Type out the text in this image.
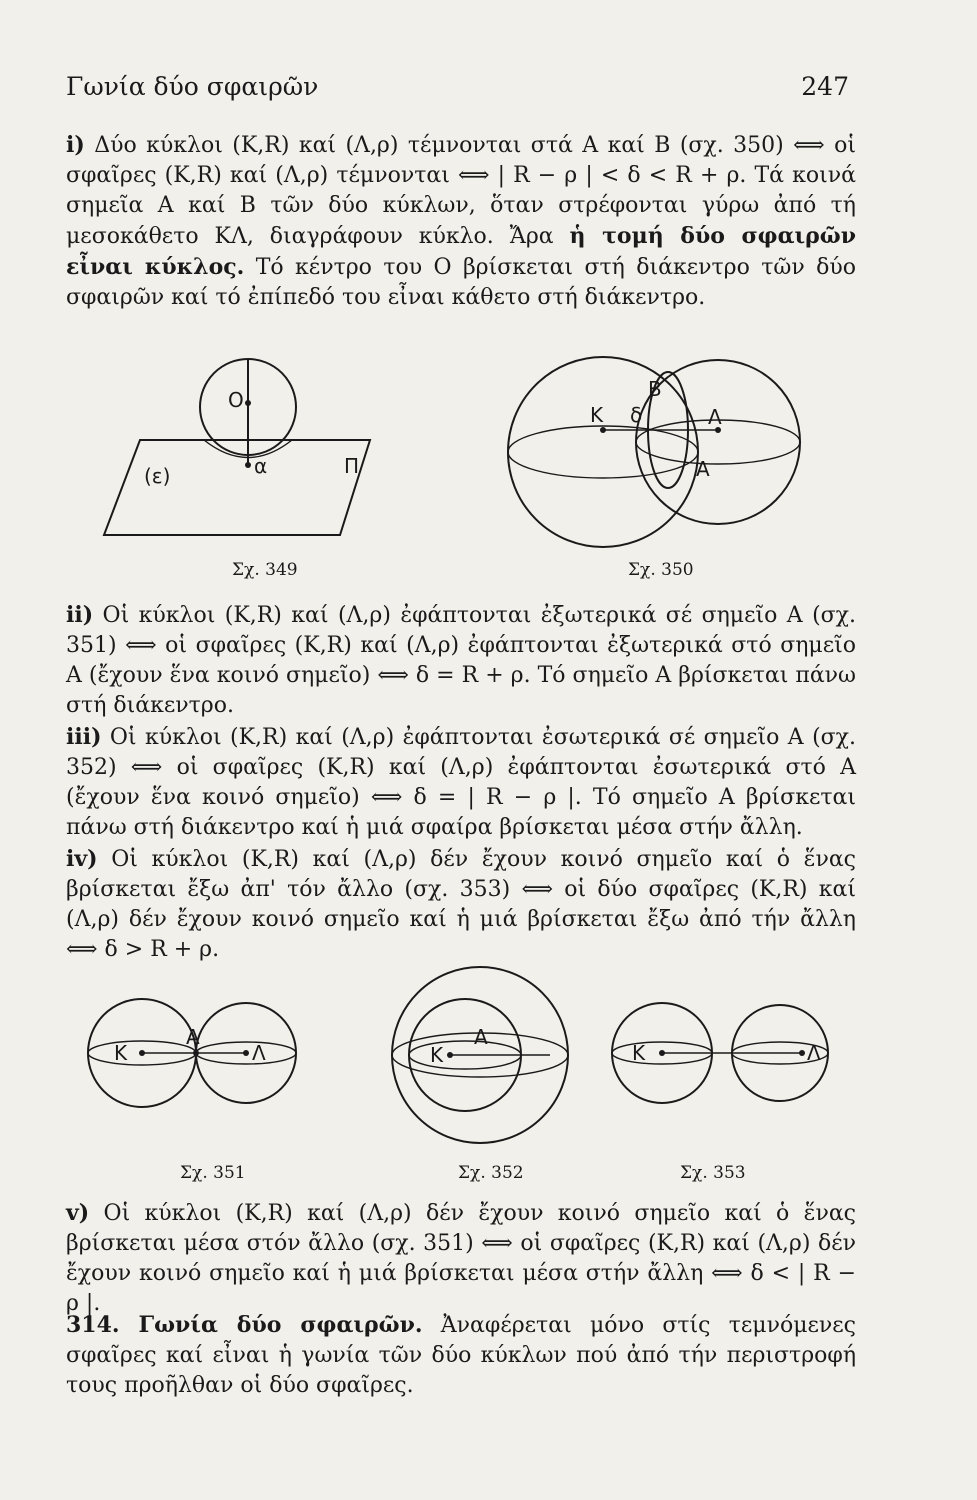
Γωνία δύο σφαιρῶν	247
i) Δύο κύκλοι (K,R) καί (Λ,ρ) τέμνονται στά A καί B (σχ. 350) ⟺ οἱ σφαῖρες (K,R) καί (Λ,ρ) τέμνονται ⟺ | R − ρ | < δ < R + ρ. Τά κοινά σημεῖα A καί B τῶν δύο κύκλων, ὅταν στρέφονται γύρω ἀπό τή μεσοκάθετο ΚΛ, διαγράφουν κύκλο. Ἄρα ἡ τομή δύο σφαιρῶν εἶναι κύκλος. Τό κέντρο του O βρίσκεται στή διάκεντρο τῶν δύο σφαιρῶν καί τό ἐπίπεδό του εἶναι κάθετο στή διάκεντρο.
O
α
(ε)	Π
Σχ. 349
K δ
B
Λ
A
Σχ. 350
ii) Οἱ κύκλοι (K,R) καί (Λ,ρ) ἐφάπτονται ἐξωτερικά σέ σημεῖο A (σχ. 351) ⟺ οἱ σφαῖρες (K,R) καί (Λ,ρ) ἐφάπτονται ἐξωτερικά στό σημεῖο A (ἔχουν ἕνα κοινό σημεῖο) ⟺ δ = R + ρ. Τό σημεῖο A βρίσκεται πάνω στή διάκεντρο.
iii) Οἱ κύκλοι (K,R) καί (Λ,ρ) ἐφάπτονται ἐσωτερικά σέ σημεῖο A (σχ. 352) ⟺ οἱ σφαῖρες (K,R) καί (Λ,ρ) ἐφάπτονται ἐσωτερικά στό A (ἔχουν ἕνα κοινό σημεῖο) ⟺ δ = | R − ρ |. Τό σημεῖο A βρίσκεται πάνω στή διάκεντρο καί ἡ μιά σφαίρα βρίσκεται μέσα στήν ἄλλη.
iv) Οἱ κύκλοι (K,R) καί (Λ,ρ) δέν ἔχουν κοινό σημεῖο καί ὁ ἕνας βρίσκεται ἔξω ἀπ' τόν ἄλλο (σχ. 353) ⟺ οἱ δύο σφαῖρες (K,R) καί (Λ,ρ) δέν ἔχουν κοινό σημεῖο καί ἡ μιά βρίσκεται ἔξω ἀπό τήν ἄλλη ⟺ δ > R + ρ.
K
A
Λ
Σχ. 351
K
A
Σχ. 352
K	Λ
Σχ. 353
v) Οἱ κύκλοι (K,R) καί (Λ,ρ) δέν ἔχουν κοινό σημεῖο καί ὁ ἕνας βρίσκεται μέσα στόν ἄλλο (σχ. 351) ⟺ οἱ σφαῖρες (K,R) καί (Λ,ρ) δέν ἔχουν κοινό σημεῖο καί ἡ μιά βρίσκεται μέσα στήν ἄλλη ⟺ δ < | R − ρ |.
314. Γωνία δύο σφαιρῶν. Ἀναφέρεται μόνο στίς τεμνόμενες σφαῖρες καί εἶναι ἡ γωνία τῶν δύο κύκλων πού ἀπό τήν περιστροφή τους προῆλθαν οἱ δύο σφαῖρες.
